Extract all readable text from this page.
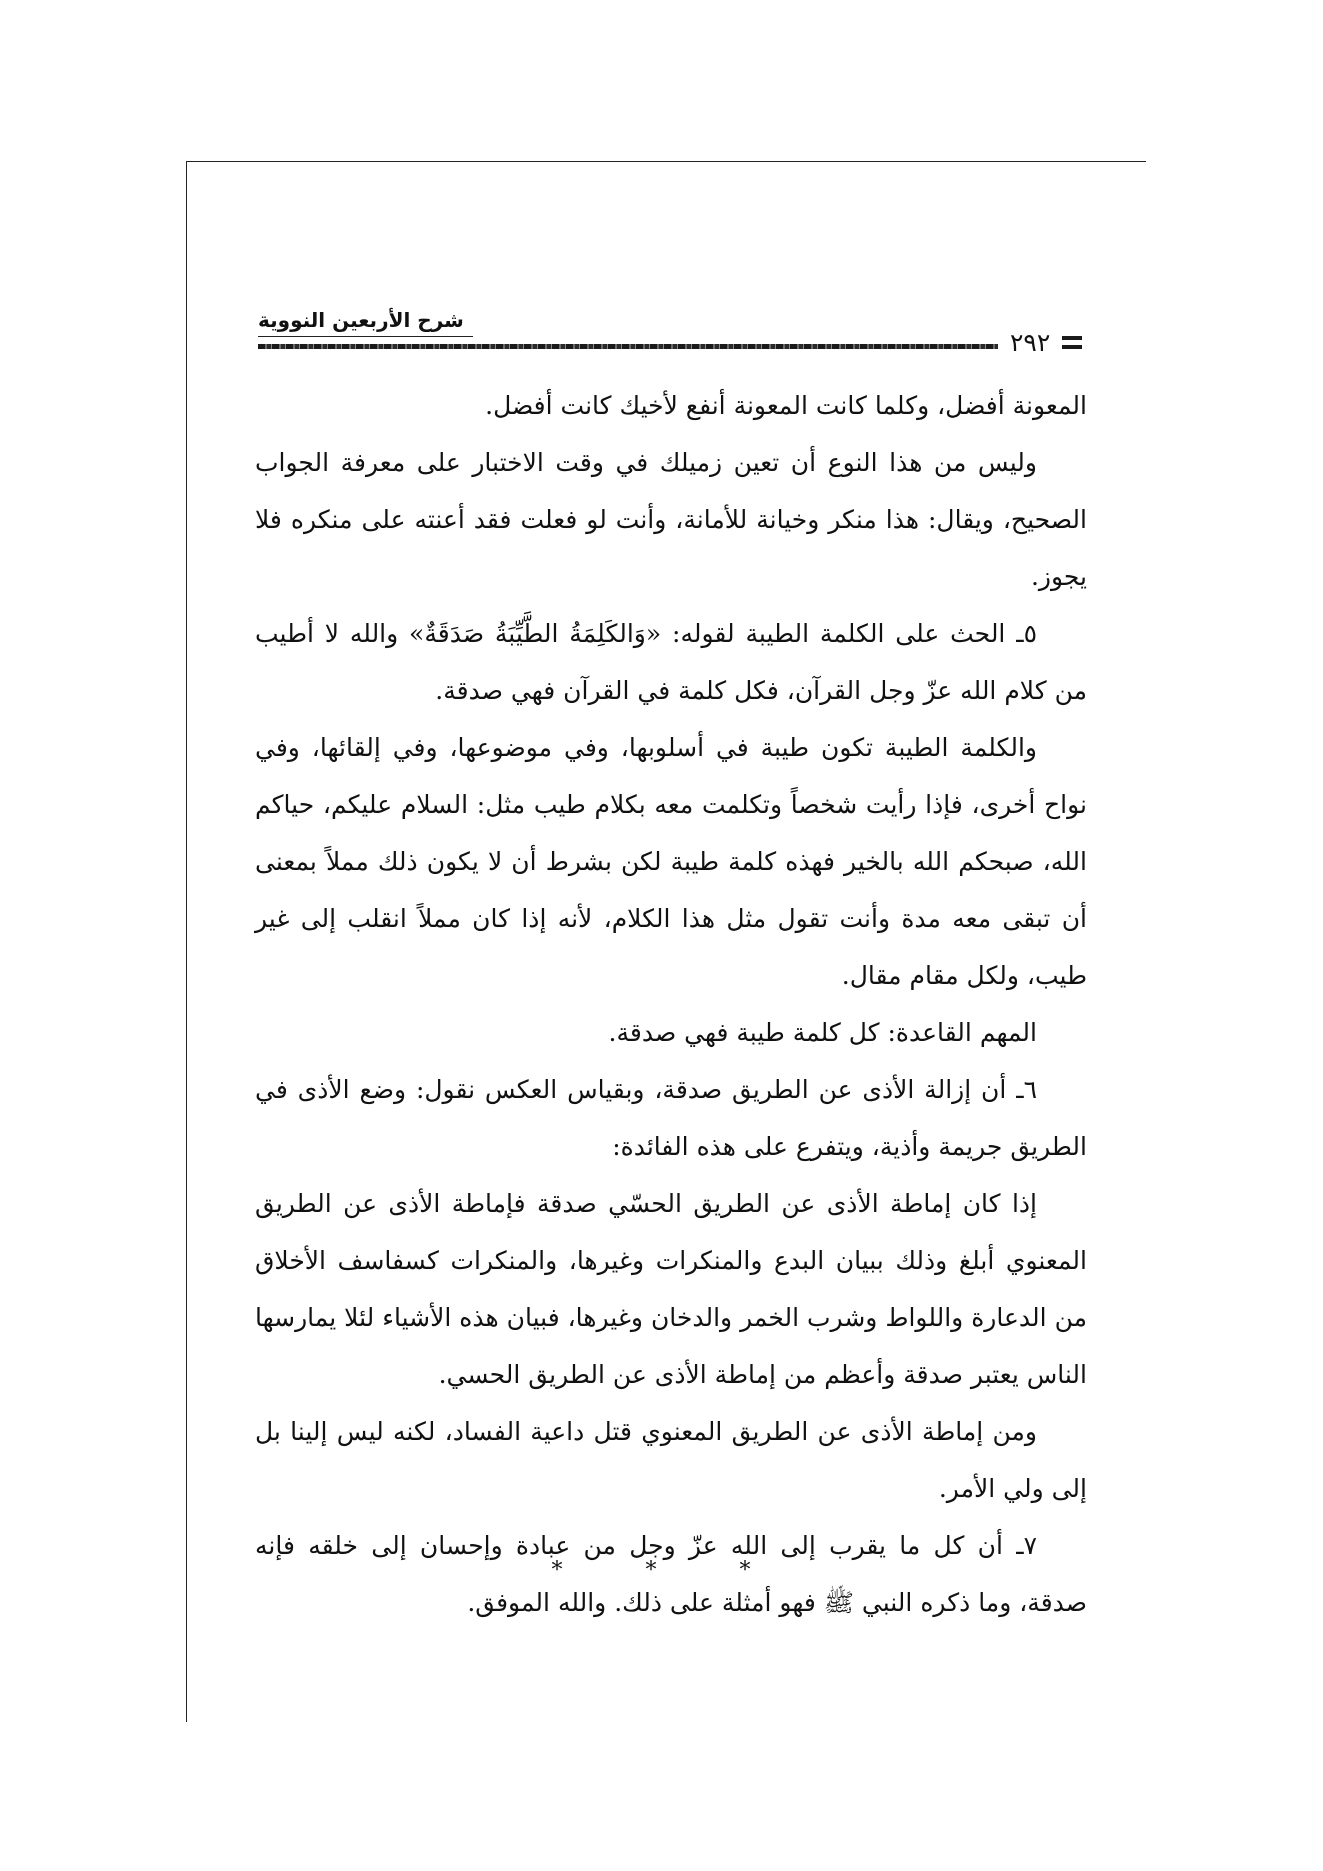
شرح الأربعين النووية
٢٩٢

المعونة أفضل، وكلما كانت المعونة أنفع لأخيك كانت أفضل.

وليس من هذا النوع أن تعين زميلك في وقت الاختبار على معرفة الجواب الصحيح، ويقال: هذا منكر وخيانة للأمانة، وأنت لو فعلت فقد أعنته على منكره فلا يجوز.

٥ـ الحث على الكلمة الطيبة لقوله: «وَالكَلِمَةُ الطَّيِّبَةُ صَدَقَةٌ» والله لا أطيب من كلام الله عزّ وجل القرآن، فكل كلمة في القرآن فهي صدقة.

والكلمة الطيبة تكون طيبة في أسلوبها، وفي موضوعها، وفي إلقائها، وفي نواح أخرى، فإذا رأيت شخصاً وتكلمت معه بكلام طيب مثل: السلام عليكم، حياكم الله، صبحكم الله بالخير فهذه كلمة طيبة لكن بشرط أن لا يكون ذلك مملاً بمعنى أن تبقى معه مدة وأنت تقول مثل هذا الكلام، لأنه إذا كان مملاً انقلب إلى غير طيب، ولكل مقام مقال.

المهم القاعدة: كل كلمة طيبة فهي صدقة.

٦ـ أن إزالة الأذى عن الطريق صدقة، وبقياس العكس نقول: وضع الأذى في الطريق جريمة وأذية، ويتفرع على هذه الفائدة:

إذا كان إماطة الأذى عن الطريق الحسّي صدقة فإماطة الأذى عن الطريق المعنوي أبلغ وذلك ببيان البدع والمنكرات وغيرها، والمنكرات كسفاسف الأخلاق من الدعارة واللواط وشرب الخمر والدخان وغيرها، فبيان هذه الأشياء لئلا يمارسها الناس يعتبر صدقة وأعظم من إماطة الأذى عن الطريق الحسي.

ومن إماطة الأذى عن الطريق المعنوي قتل داعية الفساد، لكنه ليس إلينا بل إلى ولي الأمر.

٧ـ أن كل ما يقرب إلى الله عزّ وجل من عبادة وإحسان إلى خلقه فإنه صدقة، وما ذكره النبي ﷺ فهو أمثلة على ذلك. والله الموفق.

* * *
